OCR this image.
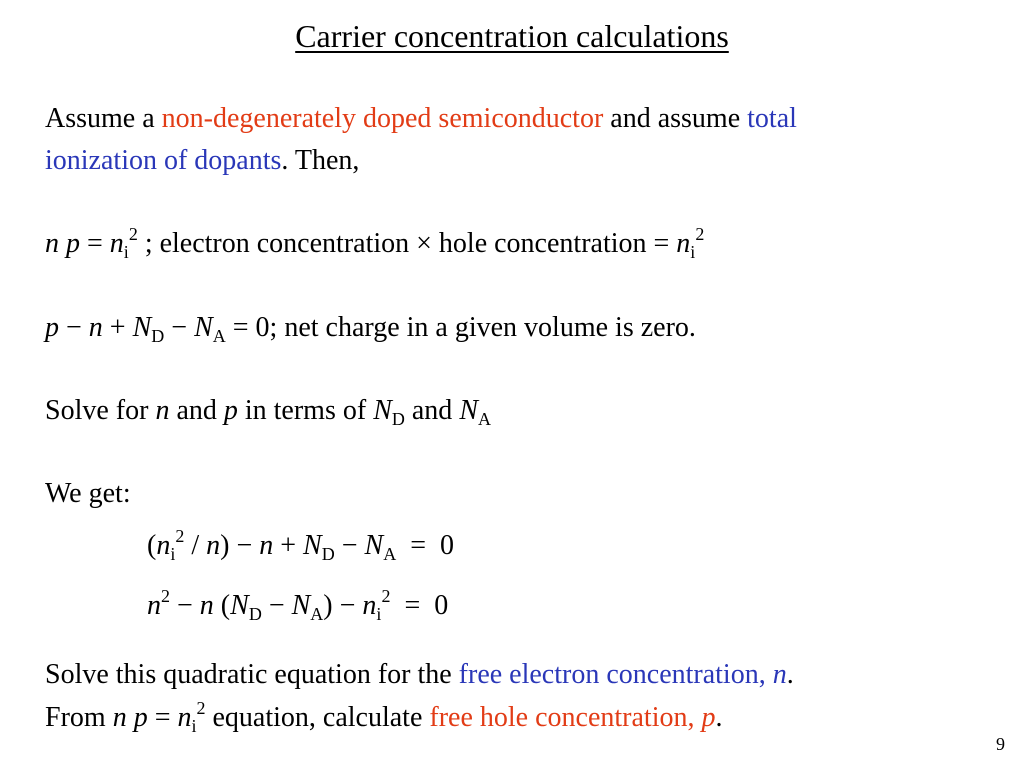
Carrier concentration calculations
Assume a non-degenerately doped semiconductor and assume total
ionization of dopants. Then,
n $p = n_i^2$ ; electron concentration × hole concentration = $n_i^2$
$p - n + N_D - N_A = 0$; net charge in a given volume is zero.
Solve for n and p in terms of $N_D$ and $N_A$
We get:
$(n_i^2 / n) - n + N_D - N_A = 0$
$n^2 - n$ $(N_D - N_A) - n_i^2 = 0$
Solve this quadratic equation for the free electron concentration, n.
From n $p = n_i^2$ equation, calculate free hole concentration, p.
9
